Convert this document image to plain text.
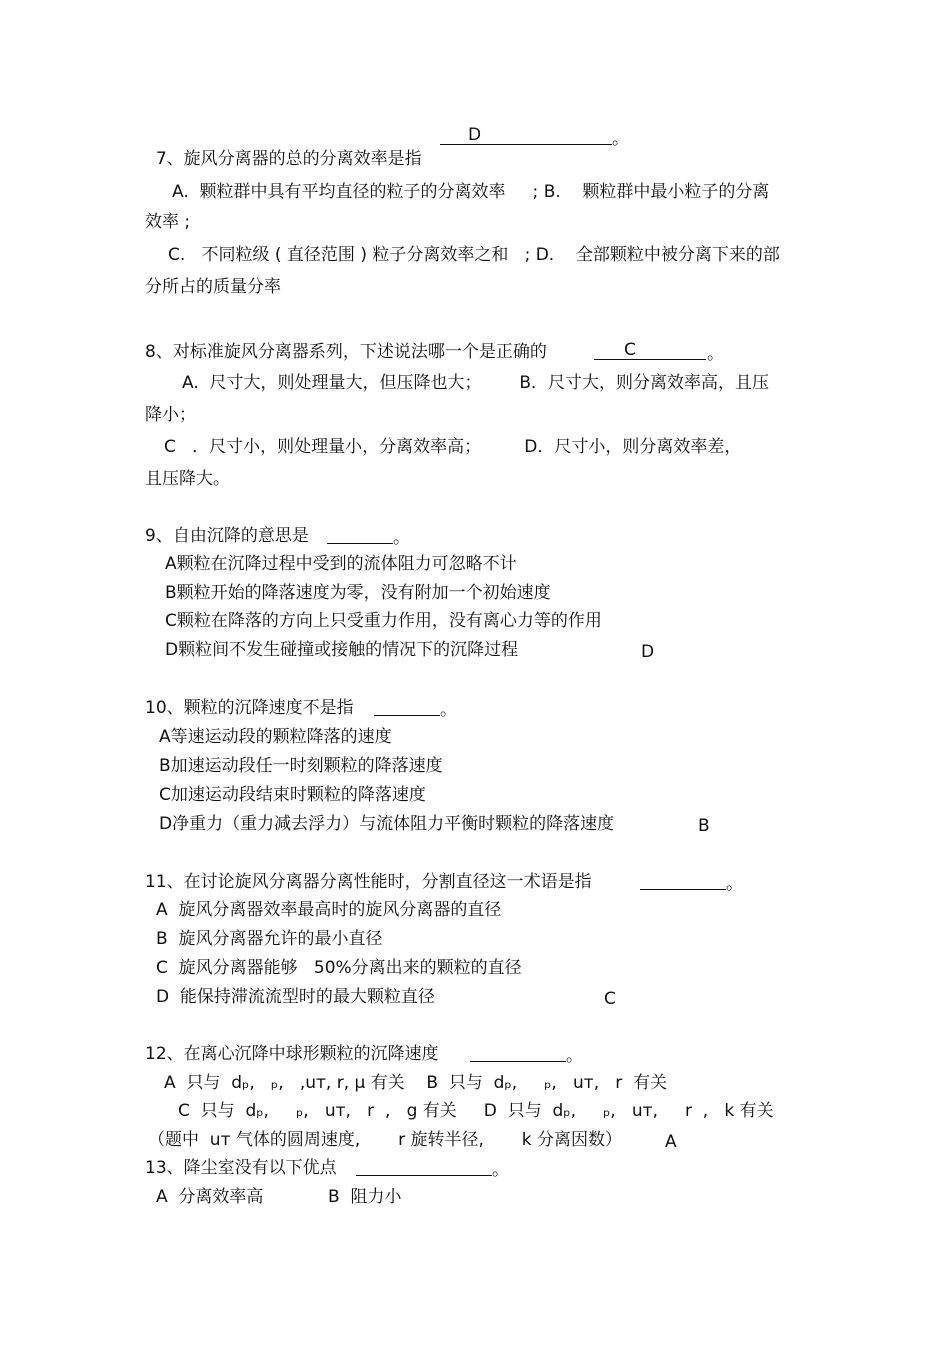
7、旋风分离器的总的分离效率是指

D	。
A.  颗粒群中具有平均直径的粒子的分离效率     ; B.    颗粒群中最小粒子的分离
效率 ;
C.   不同粒级 ( 直径范围 ) 粒子分离效率之和   ; D.    全部颗粒中被分离下来的部
分所占的质量分率
8、对标准旋风分离器系列，下述说法哪一个是正确的	C	。
A.  尺寸大，则处理量大，但压降也大；       B．尺寸大，则分离效率高，且压
降小；
C   ．尺寸小，则处理量小，分离效率高；        D．尺寸小，则分离效率差，
且压降大。
9、自由沉降的意思是	。
A颗粒在沉降过程中受到的流体阻力可忽略不计
B颗粒开始的降落速度为零，没有附加一个初始速度
C颗粒在降落的方向上只受重力作用，没有离心力等的作用
D颗粒间不发生碰撞或接触的情况下的沉降过程	D
10、颗粒的沉降速度不是指	。
A等速运动段的颗粒降落的速度
B加速运动段任一时刻颗粒的降落速度
C加速运动段结束时颗粒的降落速度
D净重力（重力减去浮力）与流体阻力平衡时颗粒的降落速度	B
11、在讨论旋风分离器分离性能时，分割直径这一术语是指	。
A  旋风分离器效率最高时的旋风分离器的直径
B  旋风分离器允许的最小直径
C  旋风分离器能够   50%分离出来的颗粒的直径
D  能保持滞流流型时的最大颗粒直径	C
12、在离心沉降中球形颗粒的沉降速度	。
A  只与  dₚ,   ₚ,   ,uᴛ, r, μ 有关    B  只与  dₚ,     ₚ,   uᴛ,   r  有关
C  只与  dₚ,     ₚ,   uᴛ,   r  ,   g 有关     D  只与  dₚ,     ₚ,   uᴛ,     r  ,   k 有关
（题中  uᴛ 气体的圆周速度,       r 旋转半径,       k 分离因数）	A
13、降尘室没有以下优点	。
A  分离效率高	B  阻力小
